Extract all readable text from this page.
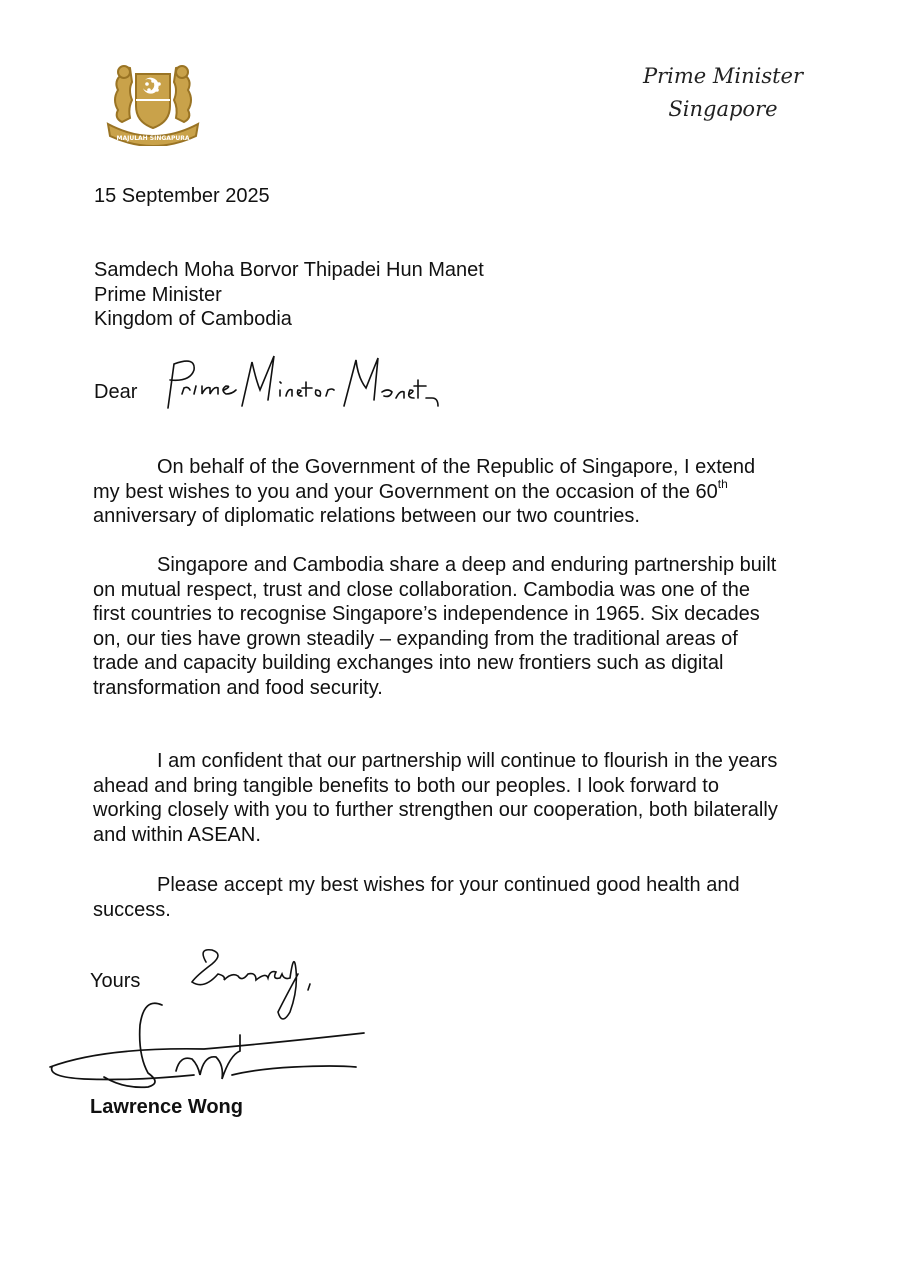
MAJULAH SINGAPURA
Prime Minister
Singapore
15 September 2025
Samdech Moha Borvor Thipadei Hun Manet
Prime Minister
Kingdom of Cambodia
Dear

On behalf of the Government of the Republic of Singapore, I extend my best wishes to you and your Government on the occasion of the 60th anniversary of diplomatic relations between our two countries.

Singapore and Cambodia share a deep and enduring partnership built on mutual respect, trust and close collaboration. Cambodia was one of the first countries to recognise Singapore’s independence in 1965. Six decades on, our ties have grown steadily – expanding from the traditional areas of trade and capacity building exchanges into new frontiers such as digital transformation and food security.

I am confident that our partnership will continue to flourish in the years ahead and bring tangible benefits to both our peoples. I look forward to working closely with you to further strengthen our cooperation, both bilaterally and within ASEAN.

Please accept my best wishes for your continued good health and success.

Yours
Lawrence Wong
